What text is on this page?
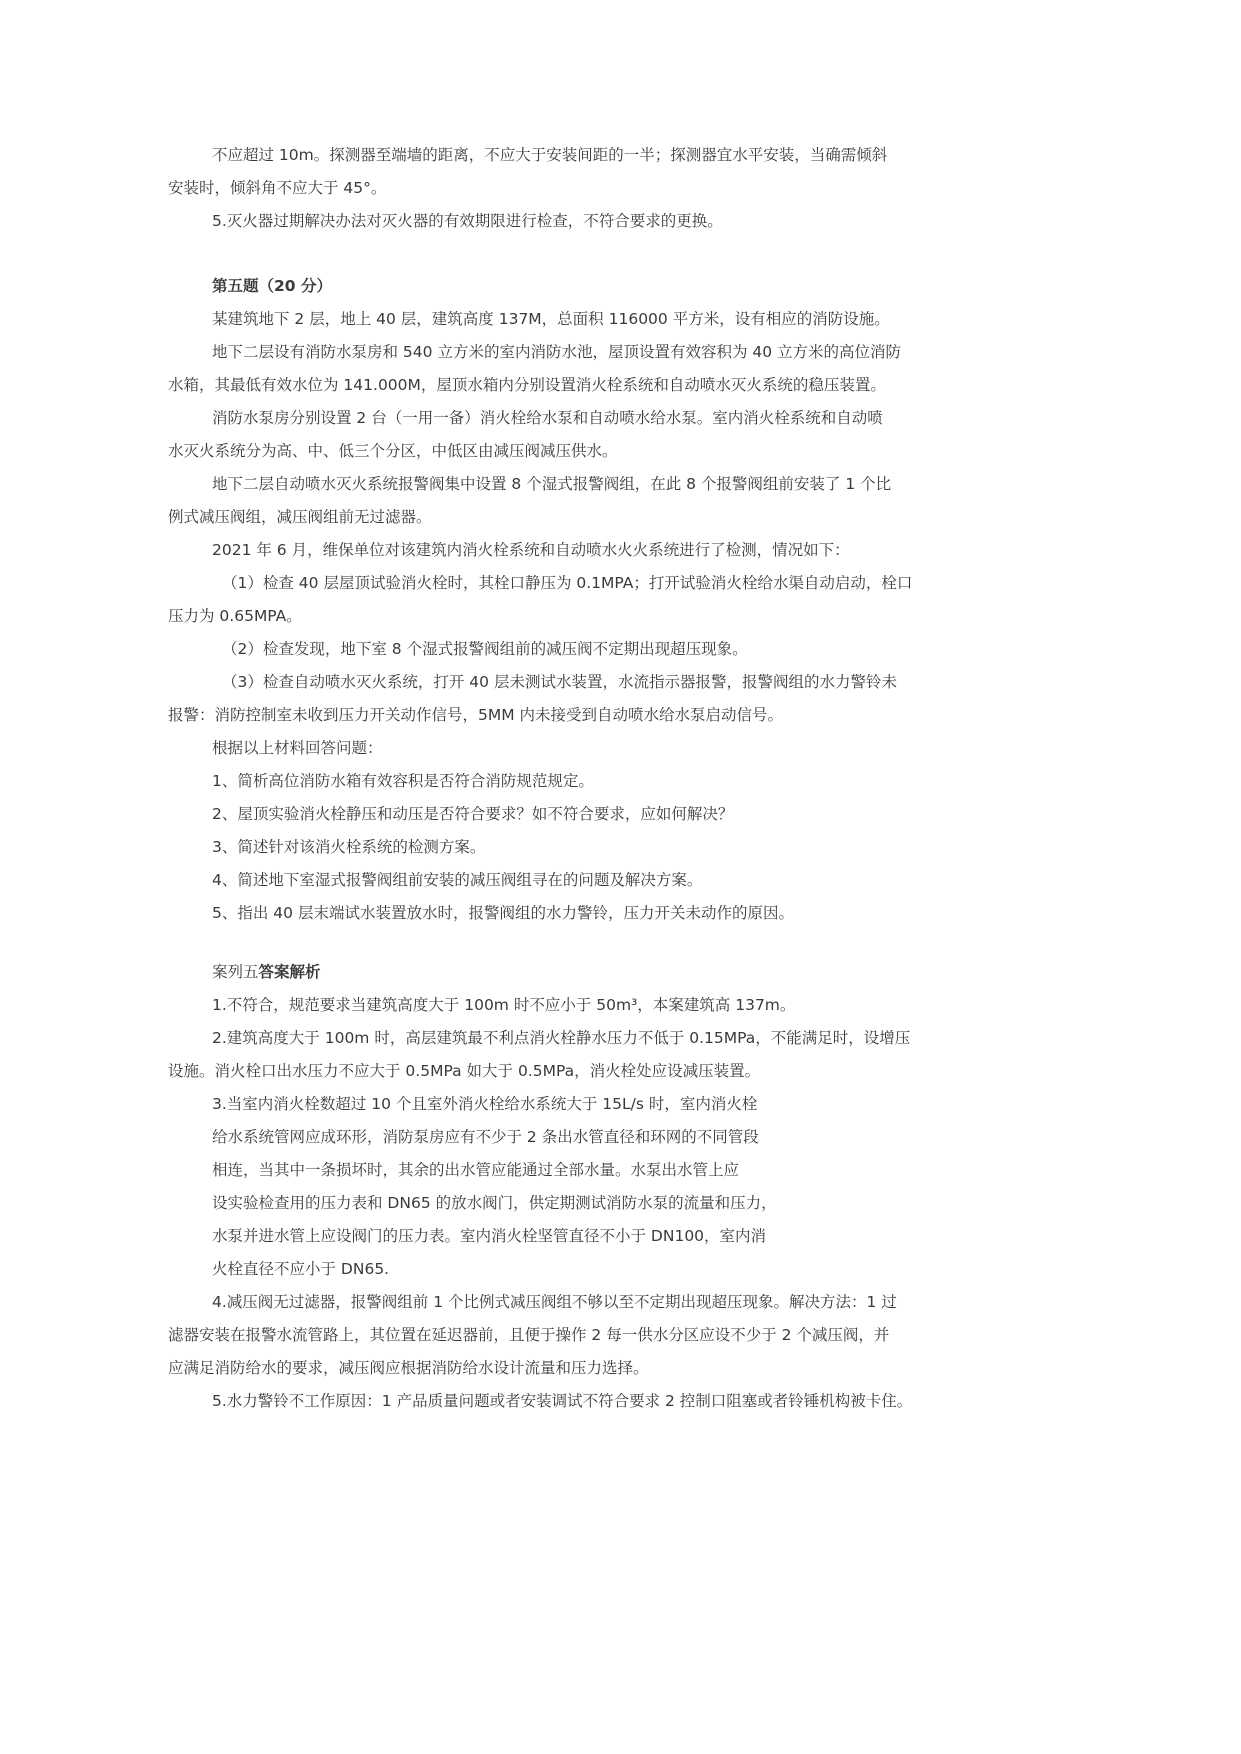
不应超过 10m。探测器至端墙的距离，不应大于安装间距的一半；探测器宜水平安装，当确需倾斜
安装时，倾斜角不应大于 45°。
5.灭火器过期解决办法对灭火器的有效期限进行检查，不符合要求的更换。
第五题（20 分）
某建筑地下 2 层，地上 40 层，建筑高度 137M，总面积 116000 平方米，设有相应的消防设施。
地下二层设有消防水泵房和 540 立方米的室内消防水池，屋顶设置有效容积为 40 立方米的高位消防
水箱，其最低有效水位为 141.000M，屋顶水箱内分别设置消火栓系统和自动喷水灭火系统的稳压装置。
消防水泵房分别设置 2 台（一用一备）消火栓给水泵和自动喷水给水泵。室内消火栓系统和自动喷
水灭火系统分为高、中、低三个分区，中低区由减压阀减压供水。
地下二层自动喷水灭火系统报警阀集中设置 8 个湿式报警阀组，在此 8 个报警阀组前安装了 1 个比
例式减压阀组，减压阀组前无过滤器。
2021 年 6 月，维保单位对该建筑内消火栓系统和自动喷水火火系统进行了检测，情况如下：
（1）检查 40 层屋顶试验消火栓时，其栓口静压为 0.1MPA；打开试验消火栓给水渠自动启动，栓口
压力为 0.65MPA。
（2）检查发现，地下室 8 个湿式报警阀组前的减压阀不定期出现超压现象。
（3）检查自动喷水灭火系统，打开 40 层未测试水装置，水流指示器报警，报警阀组的水力警铃未
报警：消防控制室未收到压力开关动作信号，5MM 内未接受到自动喷水给水泵启动信号。
根据以上材料回答问题：
1、简析高位消防水箱有效容积是否符合消防规范规定。
2、屋顶实验消火栓静压和动压是否符合要求？如不符合要求，应如何解决？
3、简述针对该消火栓系统的检测方案。
4、简述地下室湿式报警阀组前安装的减压阀组寻在的问题及解决方案。
5、指出 40 层末端试水装置放水时，报警阀组的水力警铃，压力开关未动作的原因。
案列五答案解析
1.不符合，规范要求当建筑高度大于 100m 时不应小于 50m³，本案建筑高 137m。
2.建筑高度大于 100m 时，高层建筑最不利点消火栓静水压力不低于 0.15MPa，不能满足时，设增压
设施。消火栓口出水压力不应大于 0.5MPa 如大于 0.5MPa，消火栓处应设减压装置。
3.当室内消火栓数超过 10 个且室外消火栓给水系统大于 15L/s 时，室内消火栓
给水系统管网应成环形，消防泵房应有不少于 2 条出水管直径和环网的不同管段
相连，当其中一条损坏时，其余的出水管应能通过全部水量。水泵出水管上应
设实验检查用的压力表和 DN65 的放水阀门，供定期测试消防水泵的流量和压力，
水泵并进水管上应设阀门的压力表。室内消火栓坚管直径不小于 DN100，室内消
火栓直径不应小于 DN65.
4.减压阀无过滤器，报警阀组前 1 个比例式减压阀组不够以至不定期出现超压现象。解决方法：1 过
滤器安装在报警水流管路上，其位置在延迟器前，且便于操作 2 每一供水分区应设不少于 2 个减压阀，并
应满足消防给水的要求，减压阀应根据消防给水设计流量和压力选择。
5.水力警铃不工作原因：1 产品质量问题或者安装调试不符合要求 2 控制口阻塞或者铃锤机构被卡住。
